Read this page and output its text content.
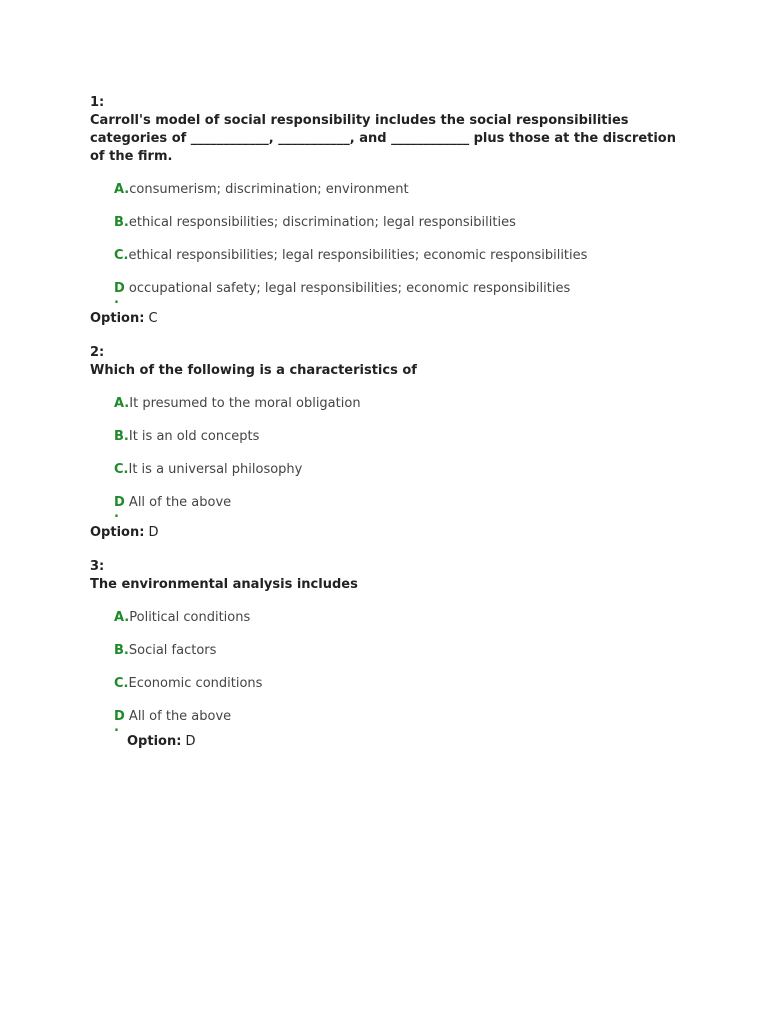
1:

Carroll's model of social responsibility includes the social responsibilities categories of ____________, ___________, and ____________ plus those at the discretion of the firm.

A.consumerism; discrimination; environment
B.ethical responsibilities; discrimination; legal responsibilities
C.ethical responsibilities; legal responsibilities; economic responsibilities
D occupational safety; legal responsibilities; economic responsibilities
.
Option: C
2:

Which of the following is a characteristics of

A.It presumed to the moral obligation
B.It is an old concepts
C.It is a universal philosophy
D All of the above
.
Option: D
3:

The environmental analysis includes

A.Political conditions
B.Social factors
C.Economic conditions
D All of the above
.
Option: D
